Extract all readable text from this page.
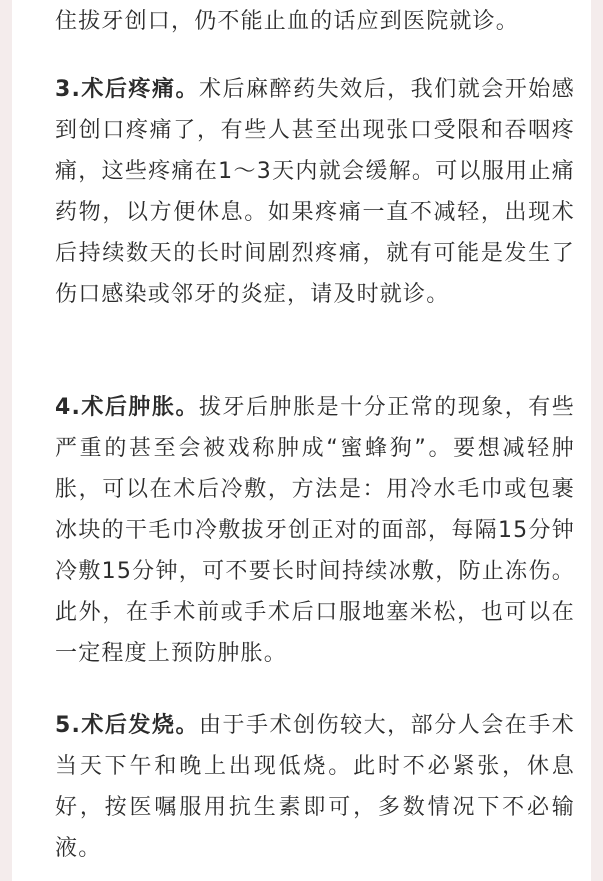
住拔牙创口，仍不能止血的话应到医院就诊。

3.术后疼痛。术后麻醉药失效后，我们就会开始感到创口疼痛了，有些人甚至出现张口受限和吞咽疼痛，这些疼痛在1～3天内就会缓解。可以服用止痛药物，以方便休息。如果疼痛一直不减轻，出现术后持续数天的长时间剧烈疼痛，就有可能是发生了伤口感染或邻牙的炎症，请及时就诊。

4.术后肿胀。拔牙后肿胀是十分正常的现象，有些严重的甚至会被戏称肿成“蜜蜂狗”。要想减轻肿胀，可以在术后冷敷，方法是：用冷水毛巾或包裹冰块的干毛巾冷敷拔牙创正对的面部，每隔15分钟冷敷15分钟，可不要长时间持续冰敷，防止冻伤。此外，在手术前或手术后口服地塞米松，也可以在一定程度上预防肿胀。

5.术后发烧。由于手术创伤较大，部分人会在手术当天下午和晚上出现低烧。此时不必紧张，休息好，按医嘱服用抗生素即可，多数情况下不必输液。
